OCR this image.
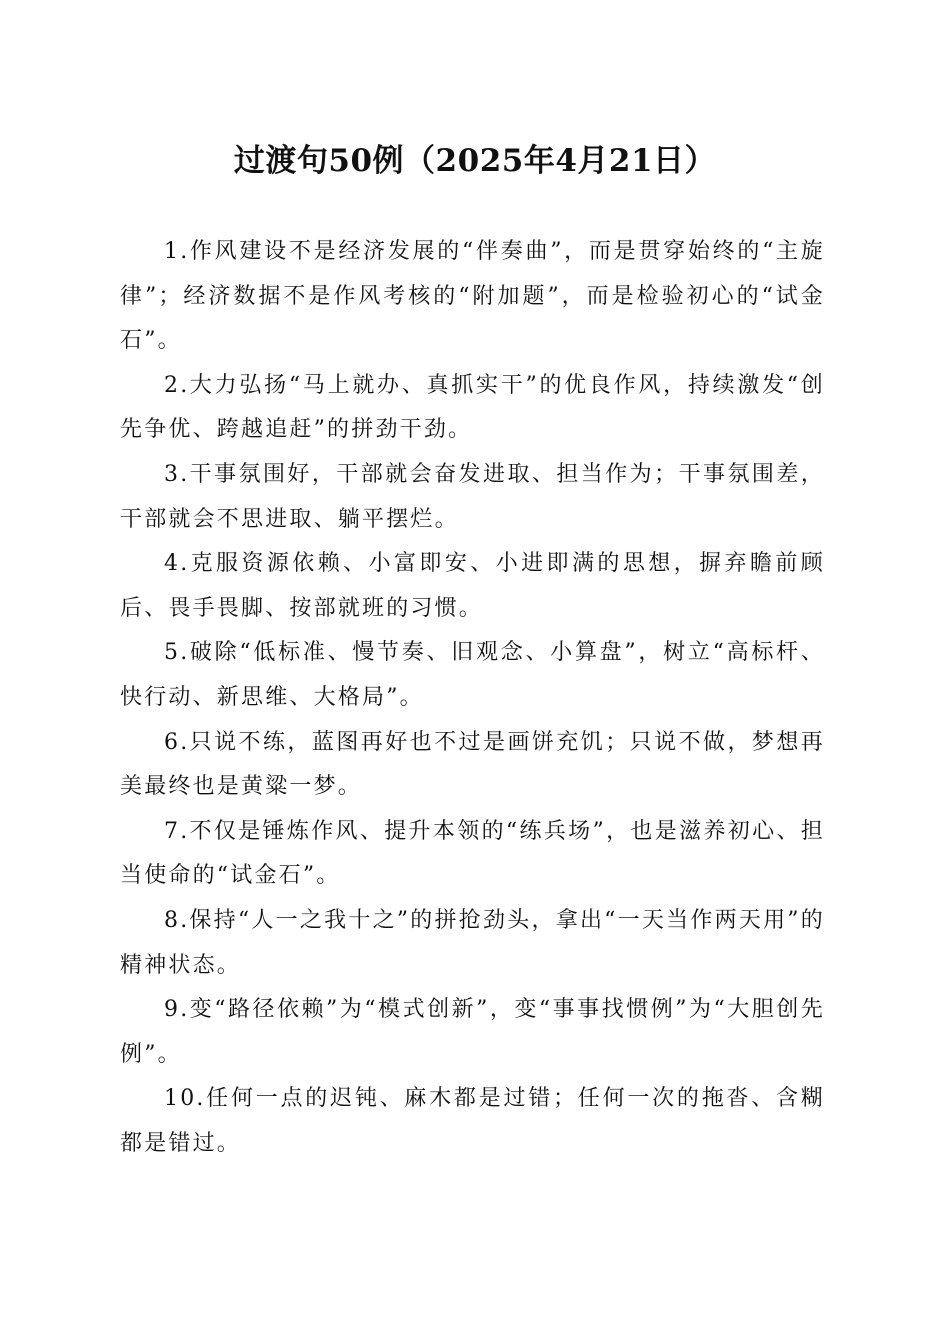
过渡句50例（2025年4月21日）

1.作风建设不是经济发展的“伴奏曲”，而是贯穿始终的“主旋律”；经济数据不是作风考核的“附加题”，而是检验初心的“试金石”。

2.大力弘扬“马上就办、真抓实干”的优良作风，持续激发“创先争优、跨越追赶”的拼劲干劲。

3.干事氛围好，干部就会奋发进取、担当作为；干事氛围差，干部就会不思进取、躺平摆烂。

4.克服资源依赖、小富即安、小进即满的思想，摒弃瞻前顾后、畏手畏脚、按部就班的习惯。

5.破除“低标准、慢节奏、旧观念、小算盘”，树立“高标杆、快行动、新思维、大格局”。

6.只说不练，蓝图再好也不过是画饼充饥；只说不做，梦想再美最终也是黄粱一梦。

7.不仅是锤炼作风、提升本领的“练兵场”，也是滋养初心、担当使命的“试金石”。

8.保持“人一之我十之”的拼抢劲头，拿出“一天当作两天用”的精神状态。

9.变“路径依赖”为“模式创新”，变“事事找惯例”为“大胆创先例”。

10.任何一点的迟钝、麻木都是过错；任何一次的拖沓、含糊都是错过。
